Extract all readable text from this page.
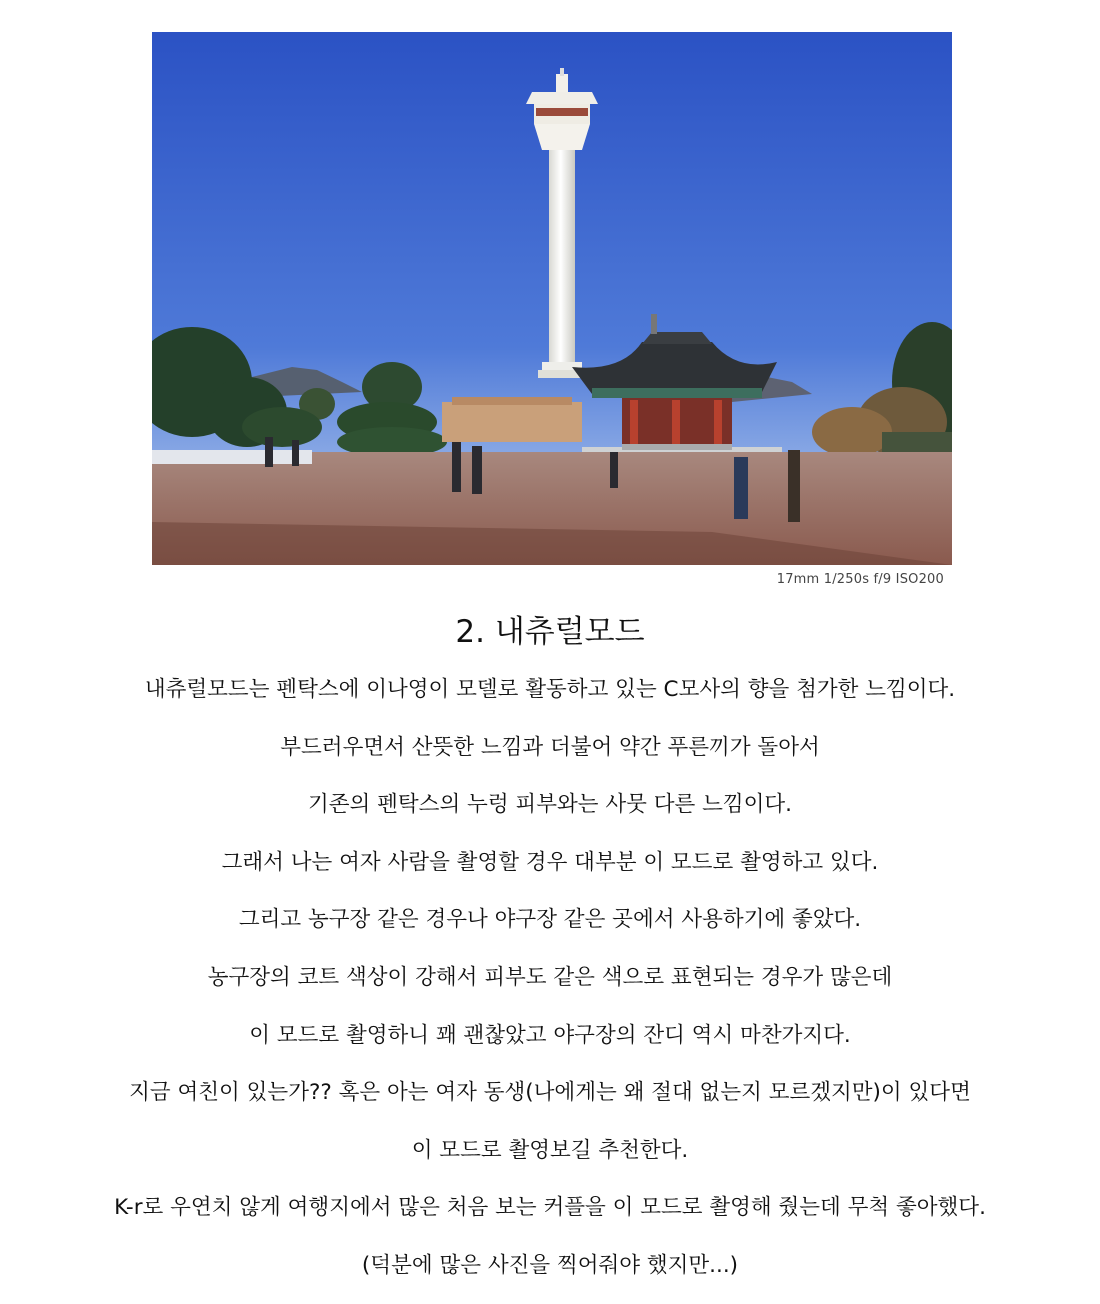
17mm 1/250s f/9 ISO200
2. 내츄럴모드
내츄럴모드는 펜탁스에 이나영이 모델로 활동하고 있는 C모사의 향을 첨가한 느낌이다.
부드러우면서 산뜻한 느낌과 더불어 약간 푸른끼가 돌아서
기존의 펜탁스의 누렁 피부와는 사뭇 다른 느낌이다.
그래서 나는 여자 사람을 촬영할 경우 대부분 이 모드로 촬영하고 있다.
그리고 농구장 같은 경우나 야구장 같은 곳에서 사용하기에 좋았다.
농구장의 코트 색상이 강해서 피부도 같은 색으로 표현되는 경우가 많은데
이 모드로 촬영하니 꽤 괜찮았고 야구장의 잔디 역시 마찬가지다.
지금 여친이 있는가?? 혹은 아는 여자 동생(나에게는 왜 절대 없는지 모르겠지만)이 있다면
이 모드로 촬영보길 추천한다.
K-r로 우연치 않게 여행지에서 많은 처음 보는 커플을 이 모드로 촬영해 줬는데 무척 좋아했다.
(덕분에 많은 사진을 찍어줘야 했지만...)
